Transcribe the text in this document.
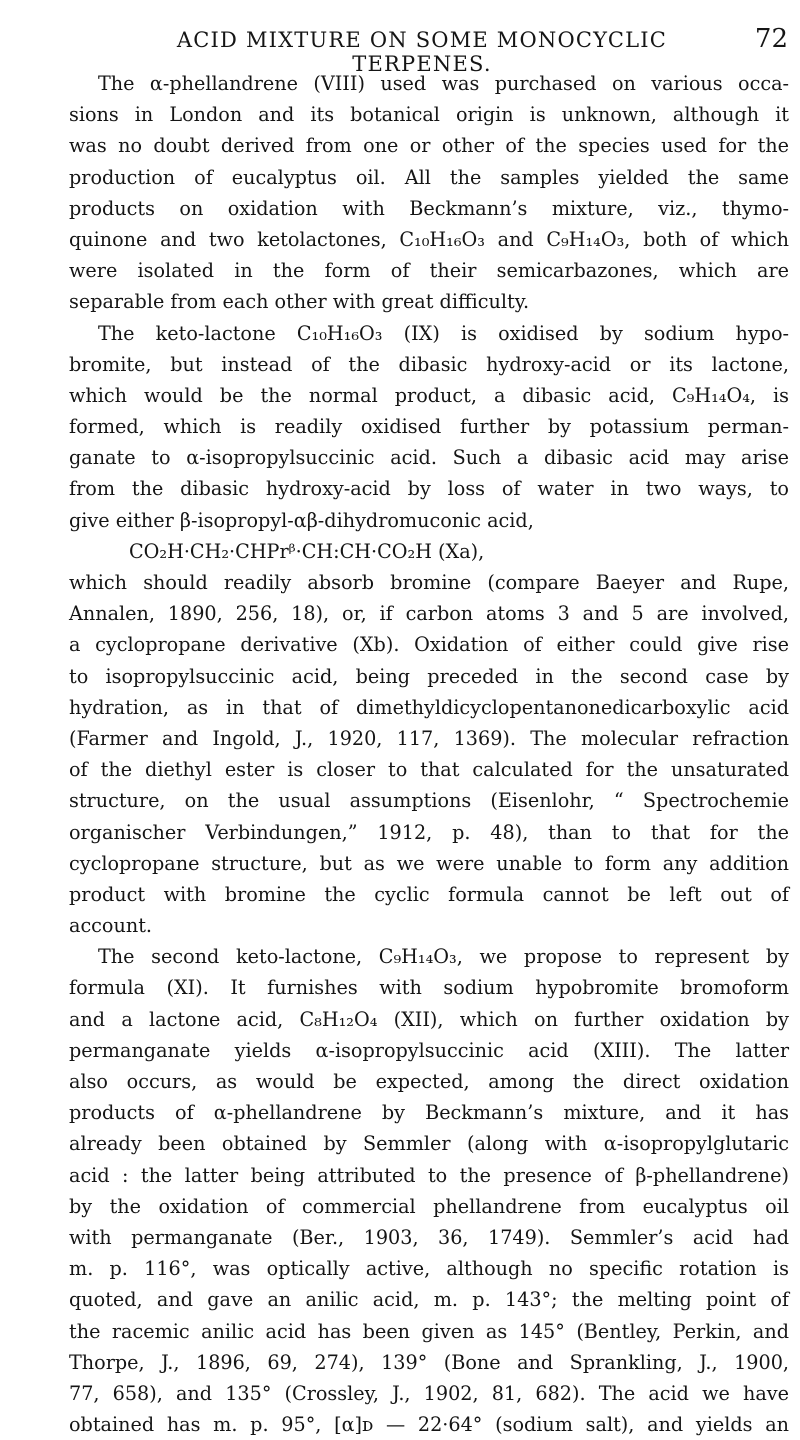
ACID MIXTURE ON SOME MONOCYCLIC TERPENES.
72
The α-phellandrene (VIII) used was purchased on various occa-
sions in London and its botanical origin is unknown, although it
was no doubt derived from one or other of the species used for the
production of eucalyptus oil. All the samples yielded the same
products on oxidation with Beckmann’s mixture, viz., thymo-
quinone and two ketolactones, C₁₀H₁₆O₃ and C₉H₁₄O₃, both of which
were isolated in the form of their semicarbazones, which are
separable from each other with great difficulty.
The keto-lactone C₁₀H₁₆O₃ (IX) is oxidised by sodium hypo-
bromite, but instead of the dibasic hydroxy-acid or its lactone,
which would be the normal product, a dibasic acid, C₉H₁₄O₄, is
formed, which is readily oxidised further by potassium perman-
ganate to α-isopropylsuccinic acid. Such a dibasic acid may arise
from the dibasic hydroxy-acid by loss of water in two ways, to
give either β-isopropyl-αβ-dihydromuconic acid,
CO₂H·CH₂·CHPrᵝ·CH:CH·CO₂H (Xa),
which should readily absorb bromine (compare Baeyer and Rupe,
Annalen, 1890, 256, 18), or, if carbon atoms 3 and 5 are involved,
a cyclopropane derivative (Xb). Oxidation of either could give rise
to isopropylsuccinic acid, being preceded in the second case by
hydration, as in that of dimethyldicyclopentanonedicarboxylic acid
(Farmer and Ingold, J., 1920, 117, 1369). The molecular refraction
of the diethyl ester is closer to that calculated for the unsaturated
structure, on the usual assumptions (Eisenlohr, “ Spectrochemie
organischer Verbindungen,” 1912, p. 48), than to that for the
cyclopropane structure, but as we were unable to form any addition
product with bromine the cyclic formula cannot be left out of
account.
The second keto-lactone, C₉H₁₄O₃, we propose to represent by
formula (XI). It furnishes with sodium hypobromite bromoform
and a lactone acid, C₈H₁₂O₄ (XII), which on further oxidation by
permanganate yields α-isopropylsuccinic acid (XIII). The latter
also occurs, as would be expected, among the direct oxidation
products of α-phellandrene by Beckmann’s mixture, and it has
already been obtained by Semmler (along with α-isopropylglutaric
acid : the latter being attributed to the presence of β-phellandrene)
by the oxidation of commercial phellandrene from eucalyptus oil
with permanganate (Ber., 1903, 36, 1749). Semmler’s acid had
m. p. 116°, was optically active, although no specific rotation is
quoted, and gave an anilic acid, m. p. 143°; the melting point of
the racemic anilic acid has been given as 145° (Bentley, Perkin, and
Thorpe, J., 1896, 69, 274), 139° (Bone and Sprankling, J., 1900,
77, 658), and 135° (Crossley, J., 1902, 81, 682). The acid we have
obtained has m. p. 95°, [α]ᴅ — 22·64° (sodium salt), and yields an
